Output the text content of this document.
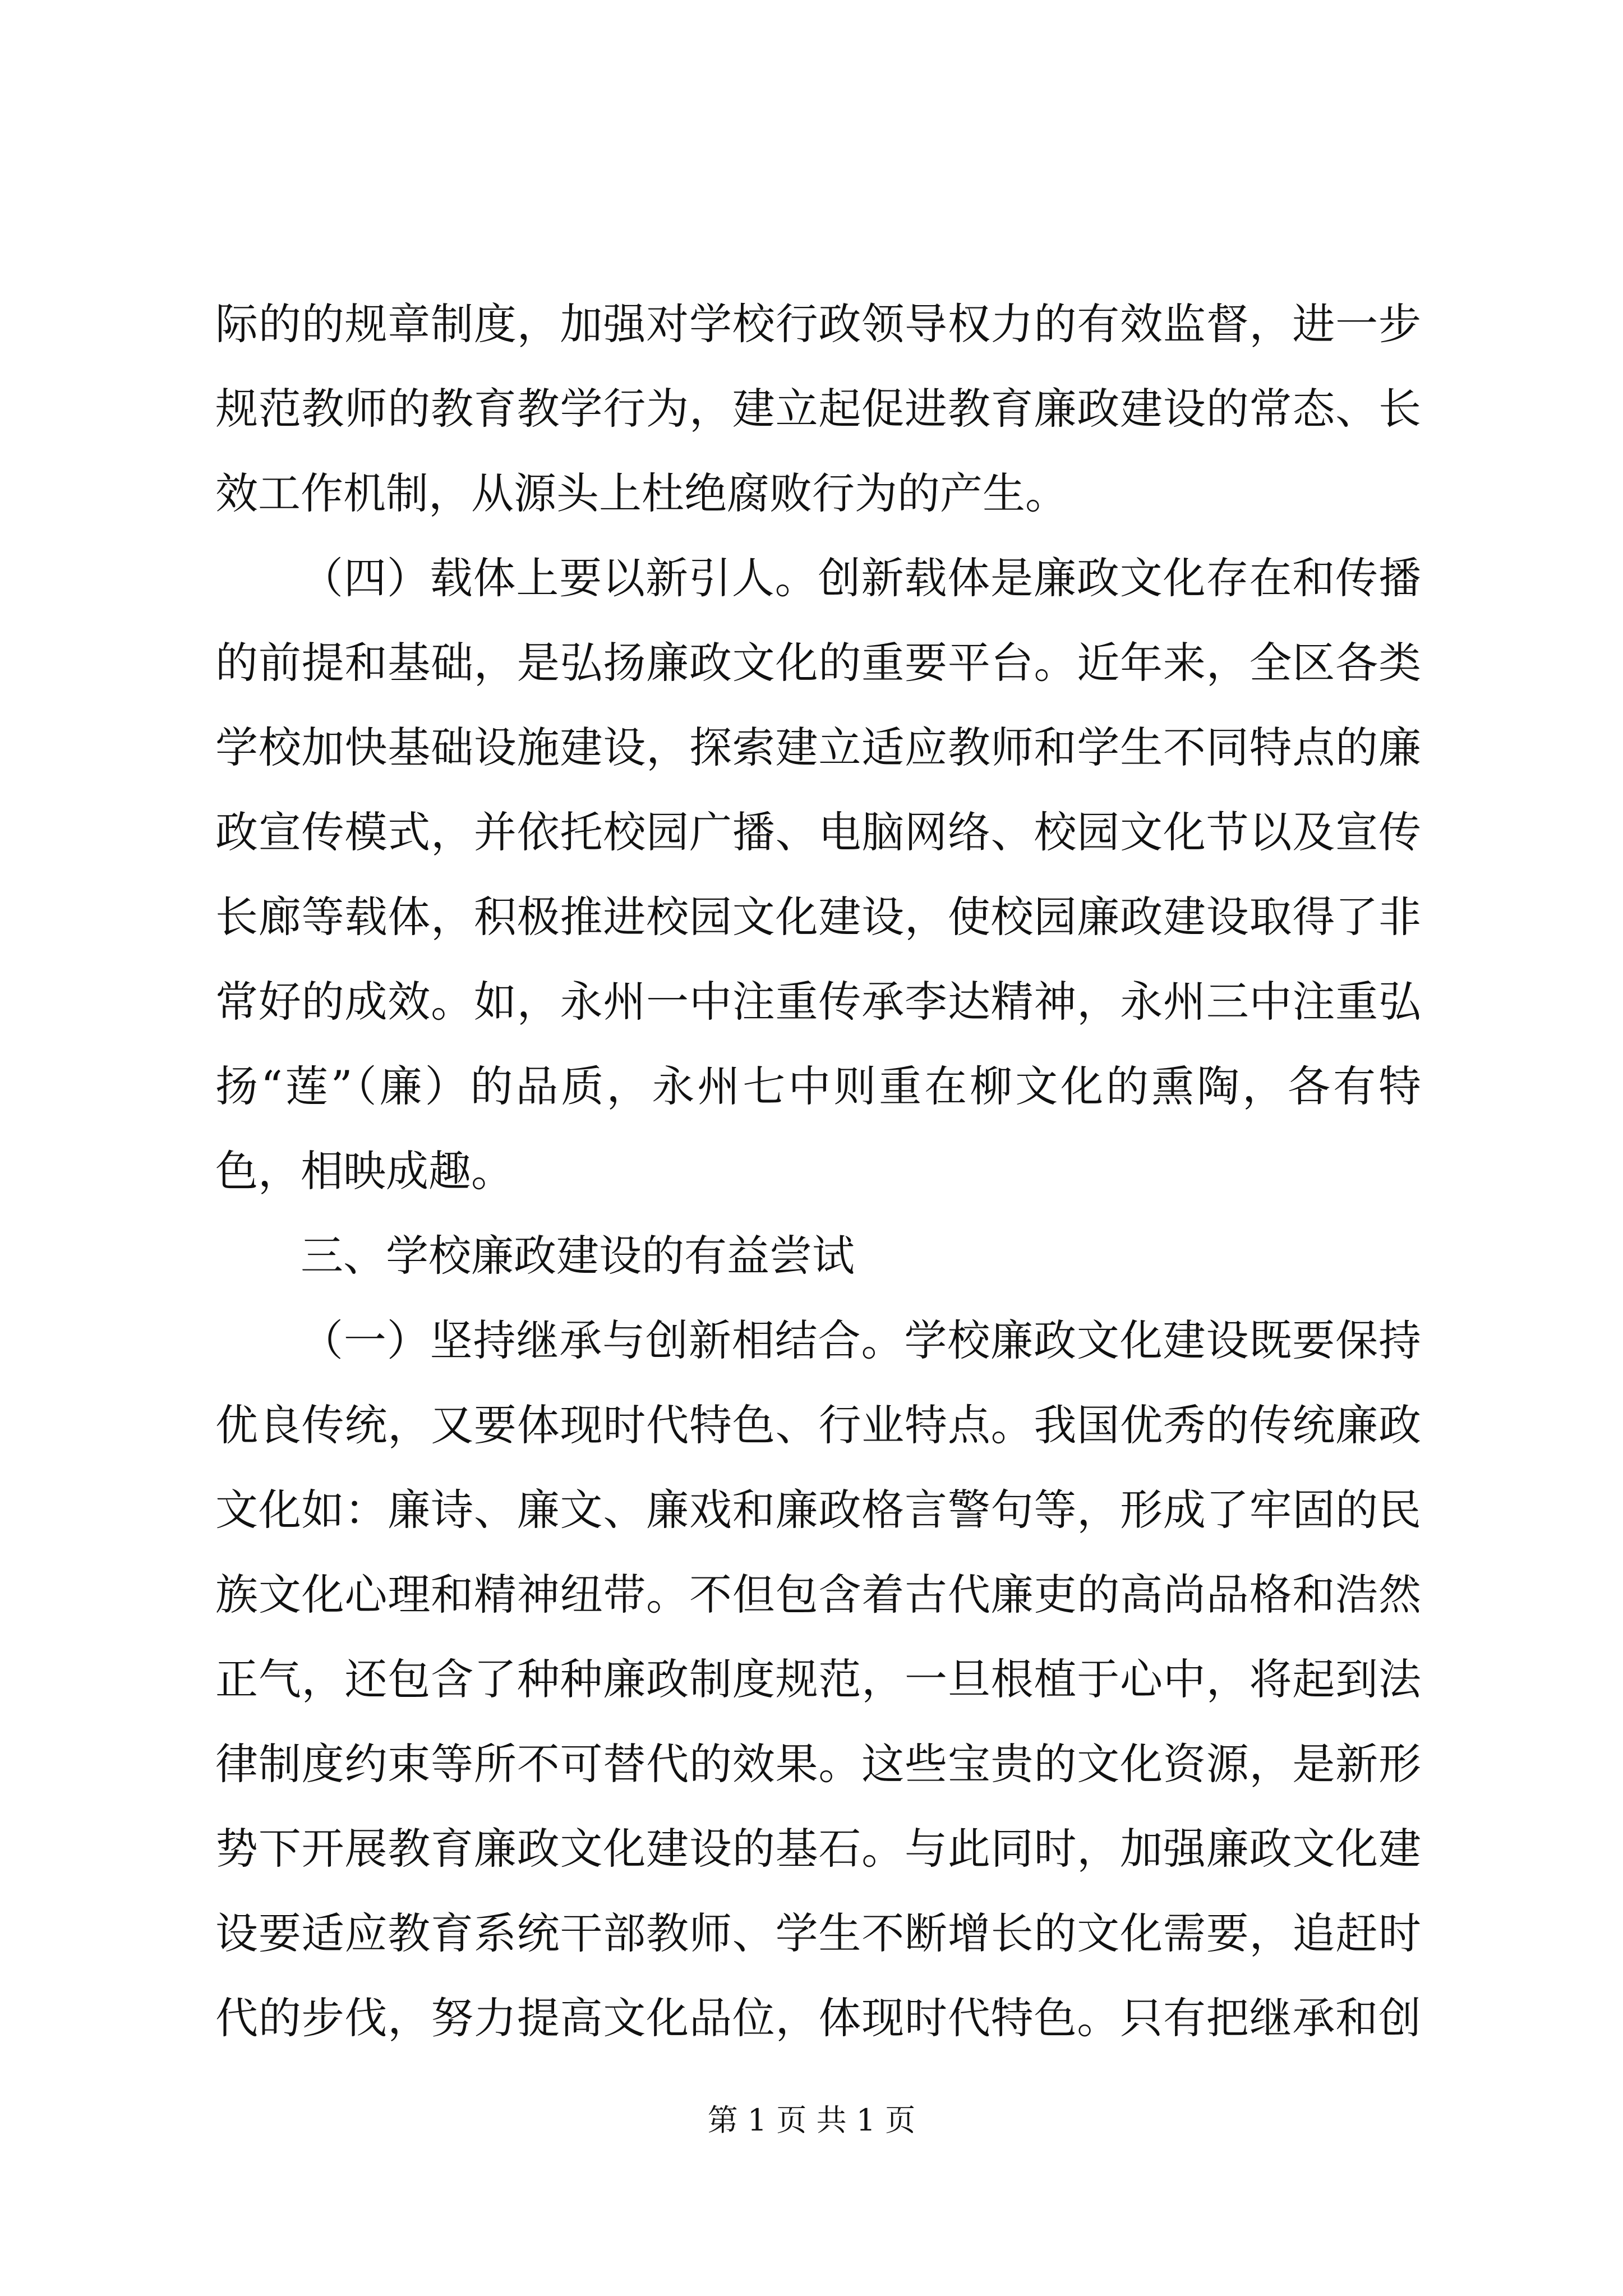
际的的规章制度，加强对学校行政领导权力的有效监督，进一步
规范教师的教育教学行为，建立起促进教育廉政建设的常态、长
效工作机制，从源头上杜绝腐败行为的产生。
（四）载体上要以新引人。创新载体是廉政文化存在和传播
的前提和基础，是弘扬廉政文化的重要平台。近年来，全区各类
学校加快基础设施建设，探索建立适应教师和学生不同特点的廉
政宣传模式，并依托校园广播、电脑网络、校园文化节以及宣传
长廊等载体，积极推进校园文化建设，使校园廉政建设取得了非
常好的成效。如，永州一中注重传承李达精神，永州三中注重弘
扬“莲”（廉）的品质，永州七中则重在柳文化的熏陶，各有特
色，相映成趣。
三、学校廉政建设的有益尝试
（一）坚持继承与创新相结合。学校廉政文化建设既要保持
优良传统，又要体现时代特色、行业特点。我国优秀的传统廉政
文化如：廉诗、廉文、廉戏和廉政格言警句等，形成了牢固的民
族文化心理和精神纽带。不但包含着古代廉吏的高尚品格和浩然
正气，还包含了种种廉政制度规范，一旦根植于心中，将起到法
律制度约束等所不可替代的效果。这些宝贵的文化资源，是新形
势下开展教育廉政文化建设的基石。与此同时，加强廉政文化建
设要适应教育系统干部教师、学生不断增长的文化需要，追赶时
代的步伐，努力提高文化品位，体现时代特色。只有把继承和创
第 1 页 共 1 页
